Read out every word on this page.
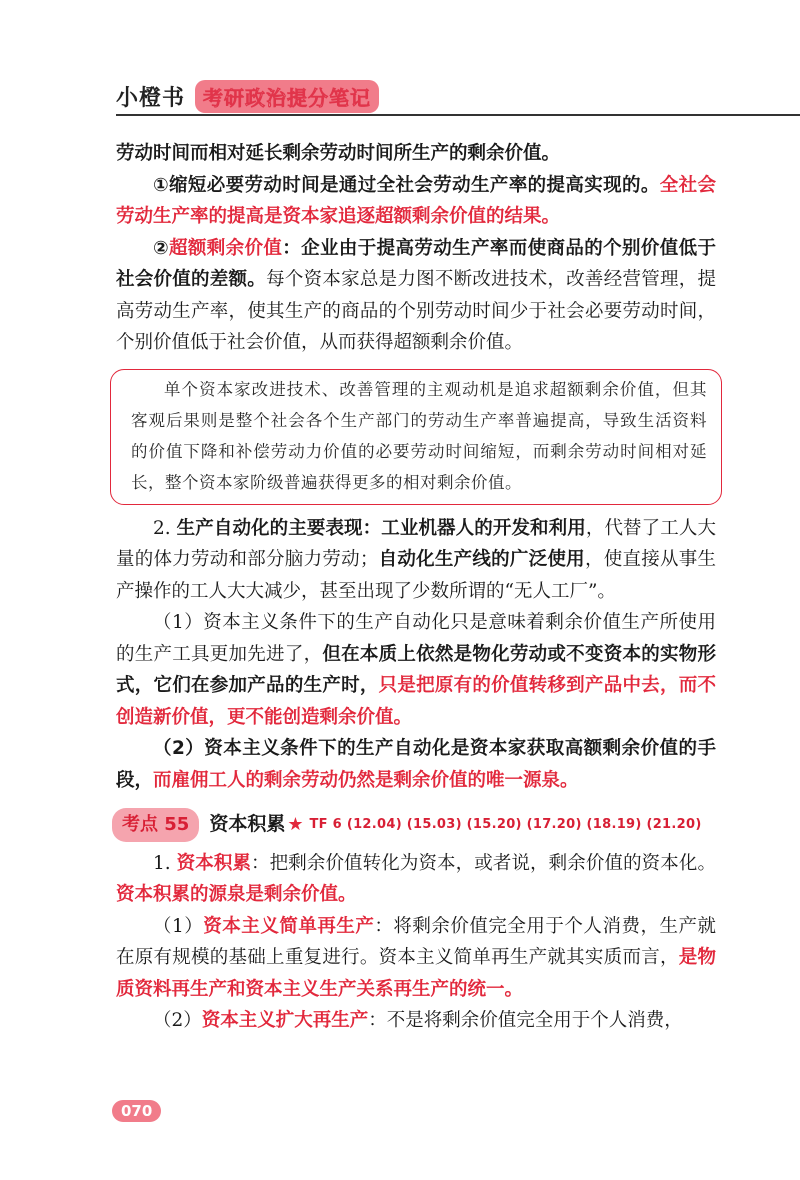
小橙书 考研政治提分笔记

劳动时间而相对延长剩余劳动时间所生产的剩余价值。

①缩短必要劳动时间是通过全社会劳动生产率的提高实现的。全社会劳动生产率的提高是资本家追逐超额剩余价值的结果。

②超额剩余价值：企业由于提高劳动生产率而使商品的个别价值低于社会价值的差额。每个资本家总是力图不断改进技术，改善经营管理，提高劳动生产率，使其生产的商品的个别劳动时间少于社会必要劳动时间，个别价值低于社会价值，从而获得超额剩余价值。

单个资本家改进技术、改善管理的主观动机是追求超额剩余价值，但其客观后果则是整个社会各个生产部门的劳动生产率普遍提高，导致生活资料的价值下降和补偿劳动力价值的必要劳动时间缩短，而剩余劳动时间相对延长，整个资本家阶级普遍获得更多的相对剩余价值。

2. 生产自动化的主要表现：工业机器人的开发和利用，代替了工人大量的体力劳动和部分脑力劳动；自动化生产线的广泛使用，使直接从事生产操作的工人大大减少，甚至出现了少数所谓的“无人工厂”。

（1）资本主义条件下的生产自动化只是意味着剩余价值生产所使用的生产工具更加先进了，但在本质上依然是物化劳动或不变资本的实物形式，它们在参加产品的生产时，只是把原有的价值转移到产品中去，而不创造新价值，更不能创造剩余价值。

（2）资本主义条件下的生产自动化是资本家获取高额剩余价值的手段，而雇佣工人的剩余劳动仍然是剩余价值的唯一源泉。

考点 55	资本积累 ★ TF 6 (12.04) (15.03) (15.20) (17.20) (18.19) (21.20)

1. 资本积累：把剩余价值转化为资本，或者说，剩余价值的资本化。资本积累的源泉是剩余价值。

（1）资本主义简单再生产：将剩余价值完全用于个人消费，生产就在原有规模的基础上重复进行。资本主义简单再生产就其实质而言，是物质资料再生产和资本主义生产关系再生产的统一。

（2）资本主义扩大再生产：不是将剩余价值完全用于个人消费，

070
